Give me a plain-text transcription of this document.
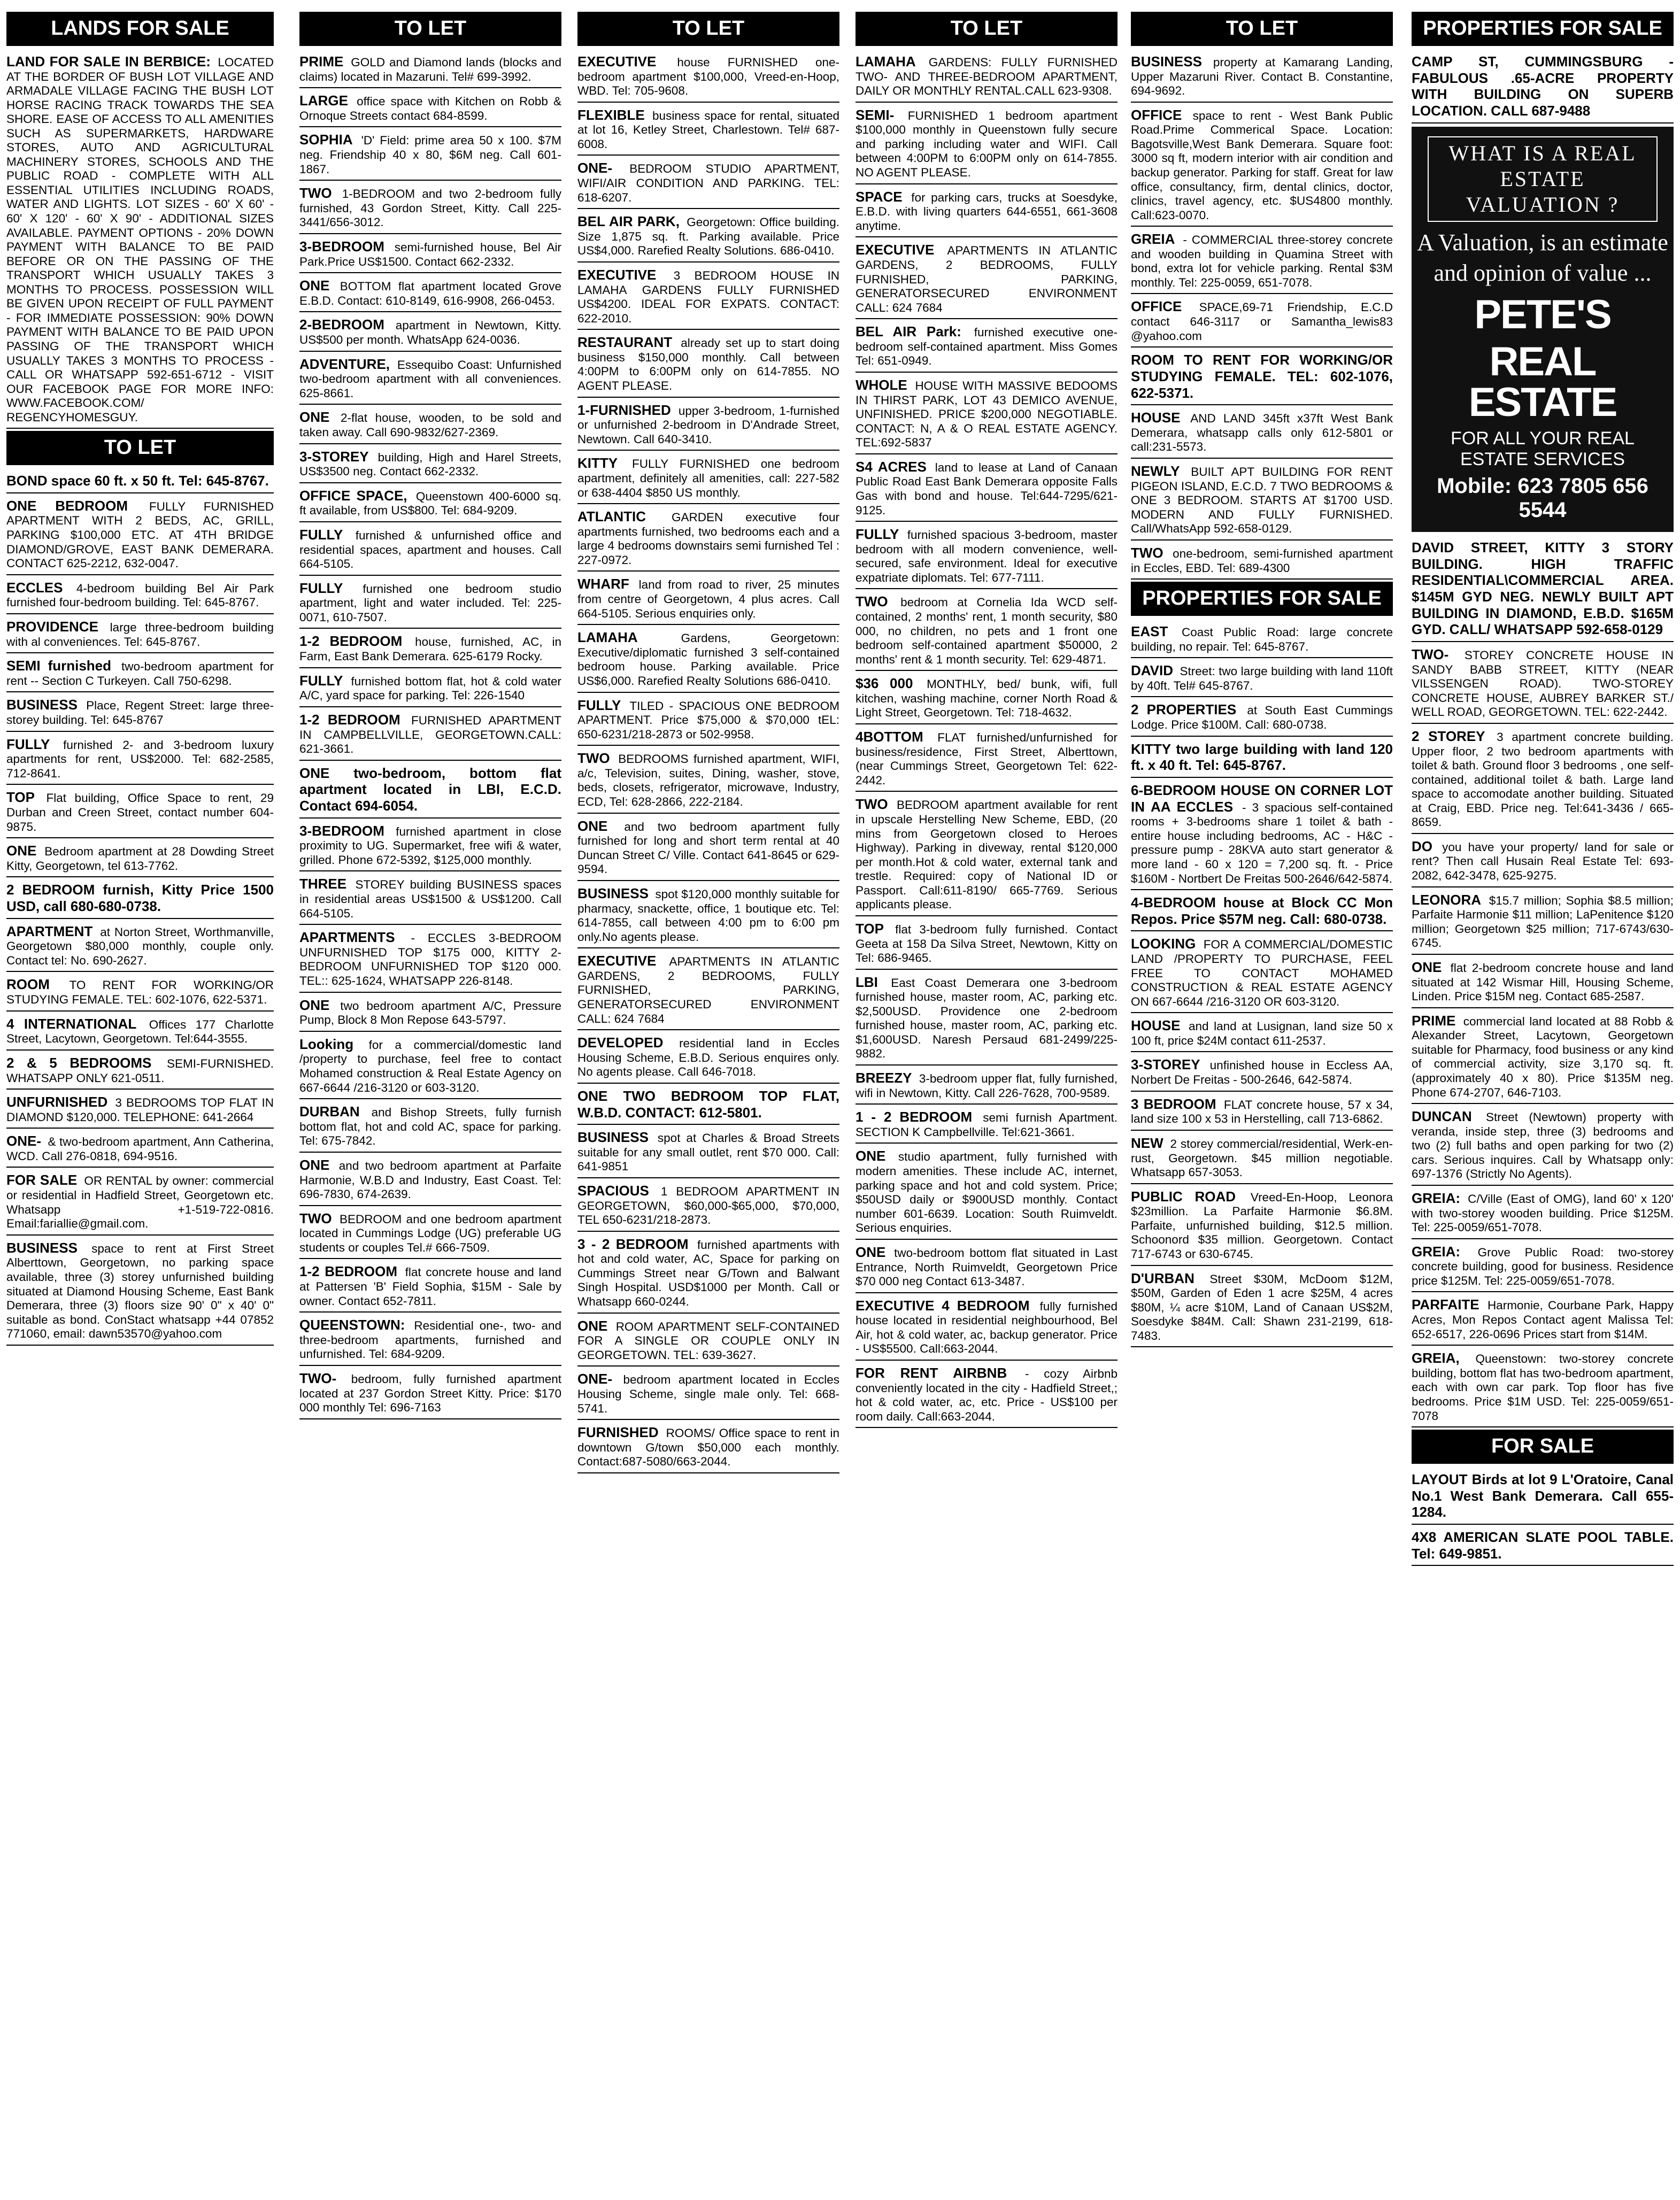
LANDS FOR SALE
LAND FOR SALE IN BERBICE: LOCATED AT THE BORDER OF BUSH LOT VILLAGE AND ARMADALE VILLAGE FACING THE BUSH LOT HORSE RACING TRACK TOWARDS THE SEA SHORE. EASE OF ACCESS TO ALL AMENITIES SUCH AS SUPERMARKETS, HARDWARE STORES, AUTO AND AGRICULTURAL MACHINERY STORES, SCHOOLS AND THE PUBLIC ROAD - COMPLETE WITH ALL ESSENTIAL UTILITIES INCLUDING ROADS, WATER AND LIGHTS. LOT SIZES - 60' X 60' - 60' X 120' - 60' X 90' - ADDITIONAL SIZES AVAILABLE. PAYMENT OPTIONS - 20% DOWN PAYMENT WITH BALANCE TO BE PAID BEFORE OR ON THE PASSING OF THE TRANSPORT WHICH USUALLY TAKES 3 MONTHS TO PROCESS. POSSESSION WILL BE GIVEN UPON RECEIPT OF FULL PAYMENT - FOR IMMEDIATE POSSESSION: 90% DOWN PAYMENT WITH BALANCE TO BE PAID UPON PASSING OF THE TRANSPORT WHICH USUALLY TAKES 3 MONTHS TO PROCESS - CALL OR WHATSAPP 592-651-6712 - VISIT OUR FACEBOOK PAGE FOR MORE INFO: WWW.FACEBOOK.COM/ REGENCYHOMESGUY.
TO LET
BOND space 60 ft. x 50 ft. Tel: 645-8767.
ONE BEDROOM FULLY FURNISHED APARTMENT WITH 2 BEDS, AC, GRILL, PARKING $100,000 ETC. AT 4TH BRIDGE DIAMOND/GROVE, EAST BANK DEMERARA. CONTACT 625-2212, 632-0047.
ECCLES 4-bedroom building Bel Air Park furnished four-bedroom building. Tel: 645-8767.
PROVIDENCE large three-bedroom building with al conveniences. Tel: 645-8767.
SEMI furnished two-bedroom apartment for rent -- Section C Turkeyen. Call 750-6298.
BUSINESS Place, Regent Street: large three-storey building. Tel: 645-8767
FULLY furnished 2- and 3-bedroom luxury apartments for rent, US$2000. Tel: 682-2585, 712-8641.
TOP Flat building, Office Space to rent, 29 Durban and Creen Street, contact number 604-9875.
ONE Bedroom apartment at 28 Dowding Street Kitty, Georgetown, tel 613-7762.
2 BEDROOM furnish, Kitty Price 1500 USD, call 680-680-0738.
APARTMENT at Norton Street, Worthmanville, Georgetown $80,000 monthly, couple only. Contact tel: No. 690-2627.
ROOM TO RENT FOR WORKING/OR STUDYING FEMALE. TEL: 602-1076, 622-5371.
4 INTERNATIONAL Offices 177 Charlotte Street, Lacytown, Georgetown. Tel:644-3555.
2 & 5 BEDROOMS SEMI-FURNISHED. WHATSAPP ONLY 621-0511.
UNFURNISHED 3 BEDROOMS TOP FLAT IN DIAMOND $120,000. TELEPHONE: 641-2664
ONE- & two-bedroom apartment, Ann Catherina, WCD. Call 276-0818, 694-9516.
FOR SALE OR RENTAL by owner: commercial or residential in Hadfield Street, Georgetown etc. Whatsapp +1-519-722-0816. Email:fariallie@gmail.com.
BUSINESS space to rent at First Street Alberttown, Georgetown, no parking space available, three (3) storey unfurnished building situated at Diamond Housing Scheme, East Bank Demerara, three (3) floors size 90' 0" x 40' 0" suitable as bond. ConStact whatsapp +44 07852 771060, email: dawn53570@yahoo.com
TO LET
PRIME GOLD and Diamond lands (blocks and claims) located in Mazaruni. Tel# 699-3992.
LARGE office space with Kitchen on Robb & Ornoque Streets contact 684-8599.
SOPHIA 'D' Field: prime area 50 x 100. $7M neg. Friendship 40 x 80, $6M neg. Call 601-1867.
TWO 1-BEDROOM and two 2-bedroom fully furnished, 43 Gordon Street, Kitty. Call 225- 3441/656-3012.
3-BEDROOM semi-furnished house, Bel Air Park.Price US$1500. Contact 662-2332.
ONE BOTTOM flat apartment located Grove E.B.D. Contact: 610-8149, 616-9908, 266-0453.
2-BEDROOM apartment in Newtown, Kitty. US$500 per month. WhatsApp 624-0036.
ADVENTURE, Essequibo Coast: Unfurnished two-bedroom apartment with all conveniences. 625-8661.
ONE 2-flat house, wooden, to be sold and taken away. Call 690-9832/627-2369.
3-STOREY building, High and Harel Streets, US$3500 neg. Contact 662-2332.
OFFICE SPACE, Queenstown 400-6000 sq. ft available, from US$800. Tel: 684-9209.
FULLY furnished & unfurnished office and residential spaces, apartment and houses. Call 664-5105.
FULLY furnished one bedroom studio apartment, light and water included. Tel: 225-0071, 610-7507.
1-2 BEDROOM house, furnished, AC, in Farm, East Bank Demerara. 625-6179 Rocky.
FULLY furnished bottom flat, hot & cold water A/C, yard space for parking. Tel: 226-1540
1-2 BEDROOM FURNISHED APARTMENT IN CAMPBELLVILLE, GEORGETOWN.CALL: 621-3661.
ONE two-bedroom, bottom flat apartment located in LBI, E.C.D. Contact 694-6054.
3-BEDROOM furnished apartment in close proximity to UG. Supermarket, free wifi & water, grilled. Phone 672-5392, $125,000 monthly.
THREE STOREY building BUSINESS spaces in residential areas US$1500 & US$1200. Call 664-5105.
APARTMENTS - ECCLES 3-BEDROOM UNFURNISHED TOP $175 000, KITTY 2-BEDROOM UNFURNISHED TOP $120 000. TEL:: 625-1624, WHATSAPP 226-8148.
ONE two bedroom apartment A/C, Pressure Pump, Block 8 Mon Repose 643-5797.
Looking for a commercial/domestic land /property to purchase, feel free to contact Mohamed construction & Real Estate Agency on 667-6644 /216-3120 or 603-3120.
DURBAN and Bishop Streets, fully furnish bottom flat, hot and cold AC, space for parking. Tel: 675-7842.
ONE and two bedroom apartment at Parfaite Harmonie, W.B.D and Industry, East Coast. Tel: 696-7830, 674-2639.
TWO BEDROOM and one bedroom apartment located in Cummings Lodge (UG) preferable UG students or couples Tel.# 666-7509.
1-2 BEDROOM flat concrete house and land at Pattersen 'B' Field Sophia, $15M - Sale by owner. Contact 652-7811.
QUEENSTOWN: Residential one-, two- and three-bedroom apartments, furnished and unfurnished. Tel: 684-9209.
TWO- bedroom, fully furnished apartment located at 237 Gordon Street Kitty. Price: $170 000 monthly Tel: 696-7163
TO LET
EXECUTIVE house FURNISHED one-bedroom apartment $100,000, Vreed-en-Hoop, WBD. Tel: 705-9608.
FLEXIBLE business space for rental, situated at lot 16, Ketley Street, Charlestown. Tel# 687-6008.
ONE- BEDROOM STUDIO APARTMENT, WIFI/AIR CONDITION AND PARKING. TEL: 618-6207.
BEL AIR PARK, Georgetown: Office building. Size 1,875 sq. ft. Parking available. Price US$4,000. Rarefied Realty Solutions. 686-0410.
EXECUTIVE 3 BEDROOM HOUSE IN LAMAHA GARDENS FULLY FURNISHED US$4200. IDEAL FOR EXPATS. CONTACT: 622-2010.
RESTAURANT already set up to start doing business $150,000 monthly. Call between 4:00PM to 6:00PM only on 614-7855. NO AGENT PLEASE.
1-FURNISHED upper 3-bedroom, 1-furnished or unfurnished 2-bedroom in D'Andrade Street, Newtown. Call 640-3410.
KITTY FULLY FURNISHED one bedroom apartment, definitely all amenities, call: 227-582 or 638-4404 $850 US monthly.
ATLANTIC GARDEN executive four apartments furnished, two bedrooms each and a large 4 bedrooms downstairs semi furnished Tel : 227-0972.
WHARF land from road to river, 25 minutes from centre of Georgetown, 4 plus acres. Call 664-5105. Serious enquiries only.
LAMAHA	Gardens, Georgetown: Executive/diplomatic furnished 3 self-contained bedroom house. Parking available. Price US$6,000. Rarefied Realty Solutions 686-0410.
FULLY TILED - SPACIOUS ONE BEDROOM APARTMENT. Price $75,000 & $70,000 tEL: 650-6231/218-2873 or 502-9958.
TWO BEDROOMS furnished apartment, WIFI, a/c, Television, suites, Dining, washer, stove, beds, closets, refrigerator, microwave, Industry, ECD, Tel: 628-2866, 222-2184.
ONE and two bedroom apartment fully furnished for long and short term rental at 40 Duncan Street C/ Ville. Contact 641-8645 or 629-9594.
BUSINESS spot $120,000 monthly suitable for pharmacy, snackette, office, 1 boutique etc. Tel: 614-7855, call between 4:00 pm to 6:00 pm only.No agents please.
EXECUTIVE APARTMENTS IN ATLANTIC GARDENS, 2 BEDROOMS, FULLY FURNISHED, PARKING, GENERATORSECURED ENVIRONMENT CALL: 624 7684
DEVELOPED residential land in Eccles Housing Scheme, E.B.D. Serious enquires only. No agents please. Call 646-7018.
ONE TWO BEDROOM TOP FLAT, W.B.D. CONTACT: 612-5801.
BUSINESS spot at Charles & Broad Streets suitable for any small outlet, rent $70 000. Call: 641-9851
SPACIOUS 1 BEDROOM APARTMENT IN GEORGETOWN, $60,000-$65,000, $70,000, TEL 650-6231/218-2873.
3 - 2 BEDROOM furnished apartments with hot and cold water, AC, Space for parking on Cummings Street near G/Town and Balwant Singh Hospital. USD$1000 per Month. Call or Whatsapp 660-0244.
ONE ROOM APARTMENT SELF-CONTAINED FOR A SINGLE OR COUPLE ONLY IN GEORGETOWN. TEL: 639-3627.
ONE- bedroom apartment located in Eccles Housing Scheme, single male only. Tel: 668-5741.
FURNISHED ROOMS/ Office space to rent in downtown G/town $50,000 each monthly. Contact:687-5080/663-2044.
TO LET
LAMAHA GARDENS: FULLY FURNISHED TWO- AND THREE-BEDROOM APARTMENT, DAILY OR MONTHLY RENTAL.CALL 623-9308.
SEMI- FURNISHED 1 bedroom apartment $100,000 monthly in Queenstown fully secure and parking including water and WIFI. Call between 4:00PM to 6:00PM only on 614-7855. NO AGENT PLEASE.
SPACE for parking cars, trucks at Soesdyke, E.B.D. with living quarters 644-6551, 661-3608 anytime.
EXECUTIVE APARTMENTS IN ATLANTIC GARDENS, 2 BEDROOMS, FULLY FURNISHED, PARKING, GENERATORSECURED ENVIRONMENT CALL: 624 7684
BEL AIR Park: furnished executive one-bedroom self-contained apartment. Miss Gomes Tel: 651-0949.
WHOLE HOUSE WITH MASSIVE BEDOOMS IN THIRST PARK, LOT 43 DEMICO AVENUE, UNFINISHED. PRICE $200,000 NEGOTIABLE. CONTACT: N, A & O REAL ESTATE AGENCY. TEL:692-5837
S4 ACRES land to lease at Land of Canaan Public Road East Bank Demerara opposite Falls Gas with bond and house. Tel:644-7295/621-9125.
FULLY furnished spacious 3-bedroom, master bedroom with all modern convenience, well-secured, safe environment. Ideal for executive expatriate diplomats. Tel: 677-7111.
TWO bedroom at Cornelia Ida WCD self-contained, 2 months' rent, 1 month security, $80 000, no children, no pets and 1 front one bedroom self-contained apartment $50000, 2 months' rent & 1 month security. Tel: 629-4871.
$36 000 MONTHLY, bed/ bunk, wifi, full kitchen, washing machine, corner North Road & Light Street, Georgetown. Tel: 718-4632.
4BOTTOM FLAT furnished/unfurnished for business/residence, First Street, Alberttown, (near Cummings Street, Georgetown Tel: 622-2442.
TWO BEDROOM apartment available for rent in upscale Herstelling New Scheme, EBD, (20 mins from Georgetown closed to Heroes Highway). Parking in diveway, rental $120,000 per month.Hot & cold water, external tank and trestle. Required: copy of National ID or Passport. Call:611-8190/ 665-7769. Serious applicants please.
TOP flat 3-bedroom fully furnished. Contact Geeta at 158 Da Silva Street, Newtown, Kitty on Tel: 686-9465.
LBI East Coast Demerara one 3-bedroom furnished house, master room, AC, parking etc. $2,500USD. Providence one 2-bedroom furnished house, master room, AC, parking etc. $1,600USD. Naresh Persaud 681-2499/225-9882.
BREEZY 3-bedroom upper flat, fully furnished, wifi in Newtown, Kitty. Call 226-7628, 700-9589.
1 - 2 BEDROOM semi furnish Apartment. SECTION K Campbellville. Tel:621-3661.
ONE studio apartment, fully furnished with modern amenities. These include AC, internet, parking space and hot and cold system. Price; $50USD daily or $900USD monthly. Contact number 601-6639. Location: South Ruimveldt. Serious enquiries.
ONE two-bedroom bottom flat situated in Last Entrance, North Ruimveldt, Georgetown Price $70 000 neg Contact 613-3487.
EXECUTIVE 4 BEDROOM fully furnished house located in residential neighbourhood, Bel Air, hot & cold water, ac, backup generator. Price - US$5500. Call:663-2044.
FOR RENT AIRBNB - cozy Airbnb conveniently located in the city - Hadfield Street,; hot & cold water, ac, etc. Price - US$100 per room daily. Call:663-2044.
TO LET
BUSINESS property at Kamarang Landing, Upper Mazaruni River. Contact B. Constantine, 694-9692.
OFFICE space to rent - West Bank Public Road.Prime Commerical Space. Location: Bagotsville,West Bank Demerara. Square foot: 3000 sq ft, modern interior with air condition and backup generator. Parking for staff. Great for law office, consultancy, firm, dental clinics, doctor, clinics, travel agency, etc. $US4800 monthly. Call:623-0070.
GREIA - COMMERCIAL three-storey concrete and wooden building in Quamina Street with bond, extra lot for vehicle parking. Rental $3M monthly. Tel: 225-0059, 651-7078.
OFFICE SPACE,69-71 Friendship, E.C.D contact 646-3117 or Samantha_lewis83 @yahoo.com
ROOM TO RENT FOR WORKING/OR STUDYING FEMALE. TEL: 602-1076, 622-5371.
HOUSE AND LAND 345ft x37ft West Bank Demerara, whatsapp calls only 612-5801 or call:231-5573.
NEWLY BUILT APT BUILDING FOR RENT PIGEON ISLAND, E.C.D. 7 TWO BEDROOMS & ONE 3 BEDROOM. STARTS AT $1700 USD. MODERN AND FULLY FURNISHED. Call/WhatsApp 592-658-0129.
TWO one-bedroom, semi-furnished apartment in Eccles, EBD. Tel: 689-4300
PROPERTIES FOR SALE
EAST Coast Public Road: large concrete building, no repair. Tel: 645-8767.
DAVID Street: two large building with land 110ft by 40ft. Tel# 645-8767.
2 PROPERTIES at South East Cummings Lodge. Price $100M. Call: 680-0738.
KITTY two large building with land 120 ft. x 40 ft. Tel: 645-8767.
6-BEDROOM HOUSE ON CORNER LOT IN AA ECCLES - 3 spacious self-contained rooms + 3-bedrooms share 1 toilet & bath - entire house including bedrooms, AC - H&C - pressure pump - 28KVA auto start generator & more land - 60 x 120 = 7,200 sq. ft. - Price $160M - Nortbert De Freitas 500-2646/642-5874.
4-BEDROOM house at Block CC Mon Repos. Price $57M neg. Call: 680-0738.
LOOKING FOR A COMMERCIAL/DOMESTIC LAND /PROPERTY TO PURCHASE, FEEL FREE TO CONTACT MOHAMED CONSTRUCTION & REAL ESTATE AGENCY ON 667-6644 /216-3120 OR 603-3120.
HOUSE and land at Lusignan, land size 50 x 100 ft, price $24M contact 611-2537.
3-STOREY unfinished house in Eccless AA, Norbert De Freitas - 500-2646, 642-5874.
3 BEDROOM FLAT concrete house, 57 x 34, land size 100 x 53 in Herstelling, call 713-6862.
NEW 2 storey commercial/residential, Werk-en-rust, Georgetown. $45 million negotiable. Whatsapp 657-3053.
PUBLIC ROAD Vreed-En-Hoop, Leonora $23million. La Parfaite Harmonie $6.8M. Parfaite, unfurnished building, $12.5 million. Schoonord $35 million. Georgetown. Contact 717-6743 or 630-6745.
D'URBAN Street $30M, McDoom $12M, $50M, Garden of Eden 1 acre $25M, 4 acres $80M, ¼ acre $10M, Land of Canaan US$2M, Soesdyke $84M. Call: Shawn 231-2199, 618-7483.
PROPERTIES FOR SALE
CAMP ST, CUMMINGSBURG - FABULOUS .65-ACRE PROPERTY WITH BUILDING ON SUPERB LOCATION. CALL 687-9488
WHAT IS A REAL ESTATE VALUATION ?
A Valuation, is an estimate and opinion of value ...
PETE'S
REAL ESTATE
FOR ALL YOUR REAL ESTATE SERVICES
Mobile: 623 7805 656 5544
DAVID STREET, KITTY 3 STORY BUILDING. HIGH TRAFFIC RESIDENTIAL\COMMERCIAL AREA. $145M GYD NEG. NEWLY BUILT APT BUILDING IN DIAMOND, E.B.D. $165M GYD. CALL/ WHATSAPP 592-658-0129
TWO- STOREY CONCRETE HOUSE IN SANDY BABB STREET, KITTY (NEAR VILSSENGEN ROAD). TWO-STOREY CONCRETE HOUSE, AUBREY BARKER ST./ WELL ROAD, GEORGETOWN. TEL: 622-2442.
2 STOREY 3 apartment concrete building. Upper floor, 2 two bedroom apartments with toilet & bath. Ground floor 3 bedrooms , one self-contained, additional toilet & bath. Large land space to accomodate another building. Situated at Craig, EBD. Price neg. Tel:641-3436 / 665-8659.
DO you have your property/ land for sale or rent? Then call Husain Real Estate Tel: 693-2082, 642-3478, 625-9275.
LEONORA $15.7 million; Sophia $8.5 million; Parfaite Harmonie $11 million; LaPenitence $120 million; Georgetown $25 million; 717-6743/630-6745.
ONE flat 2-bedroom concrete house and land situated at 142 Wismar Hill, Housing Scheme, Linden. Price $15M neg. Contact 685-2587.
PRIME commercial land located at 88 Robb & Alexander Street, Lacytown, Georgetown suitable for Pharmacy, food business or any kind of commercial activity, size 3,170 sq. ft. (approximately 40 x 80). Price $135M neg. Phone 674-2707, 646-7103.
DUNCAN Street (Newtown) property with veranda, inside step, three (3) bedrooms and two (2) full baths and open parking for two (2) cars. Serious inquires. Call by Whatsapp only: 697-1376 (Strictly No Agents).
GREIA: C/Ville (East of OMG), land 60' x 120' with two-storey wooden building. Price $125M. Tel: 225-0059/651-7078.
GREIA: Grove Public Road: two-storey concrete building, good for business. Residence price $125M. Tel: 225-0059/651-7078.
PARFAITE Harmonie, Courbane Park, Happy Acres, Mon Repos Contact agent Malissa Tel: 652-6517, 226-0696 Prices start from $14M.
GREIA, Queenstown: two-storey concrete building, bottom flat has two-bedroom apartment, each with own car park. Top floor has five bedrooms. Price $1M USD. Tel: 225-0059/651-7078
FOR SALE
LAYOUT Birds at lot 9 L'Oratoire, Canal No.1 West Bank Demerara. Call 655-1284.
4X8 AMERICAN SLATE POOL TABLE. Tel: 649-9851.
